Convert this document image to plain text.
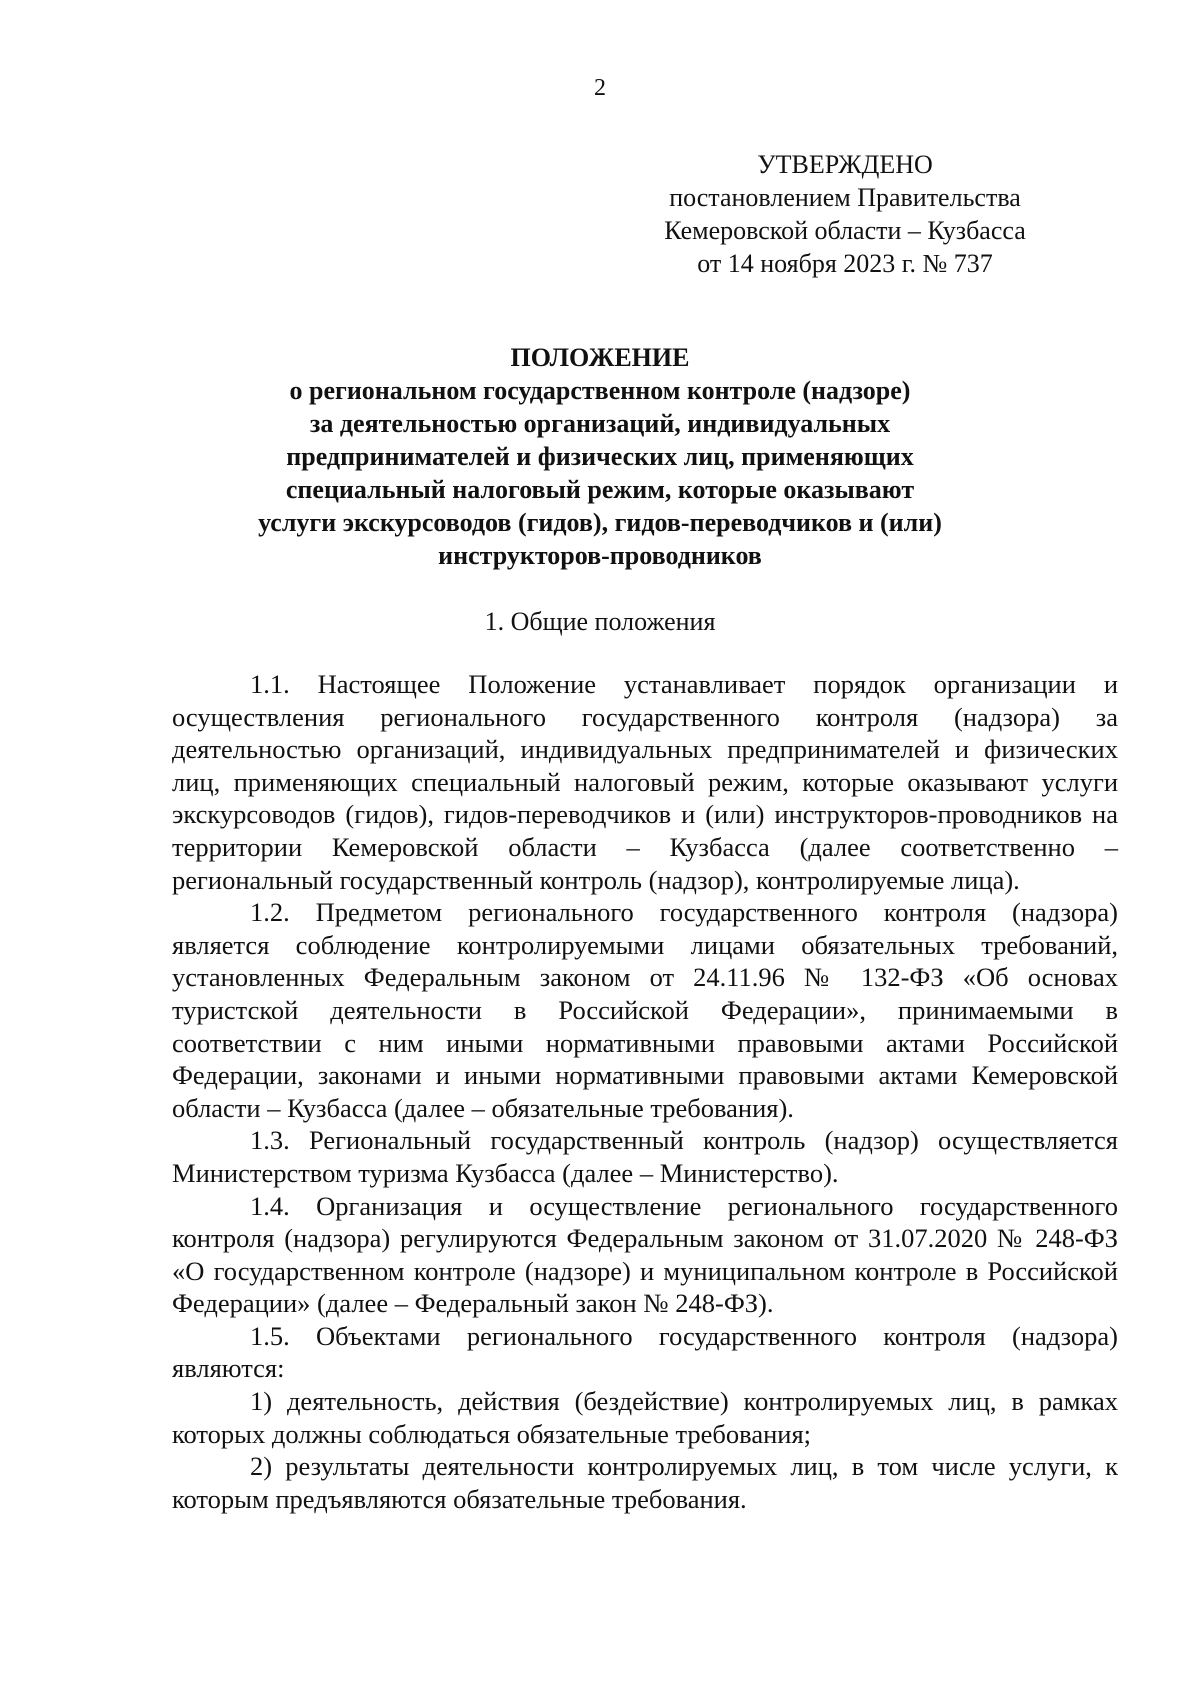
2
УТВЕРЖДЕНО
постановлением Правительства
Кемеровской области – Кузбасса
от 14 ноября 2023 г. № 737
ПОЛОЖЕНИЕ
о региональном государственном контроле (надзоре)
за деятельностью организаций, индивидуальных
предпринимателей и физических лиц, применяющих
специальный налоговый режим, которые оказывают
услуги экскурсоводов (гидов), гидов-переводчиков и (или)
инструкторов-проводников
1. Общие положения

1.1. Настоящее Положение устанавливает порядок организации и осуществления регионального государственного контроля (надзора) за деятельностью организаций, индивидуальных предпринимателей и физических лиц, применяющих специальный налоговый режим, которые оказывают услуги экскурсоводов (гидов), гидов-переводчиков и (или) инструкторов-проводников на территории Кемеровской области – Кузбасса (далее соответственно – региональный государственный контроль (надзор), контролируемые лица).

1.2. Предметом регионального государственного контроля (надзора) является соблюдение контролируемыми лицами обязательных требований, установленных Федеральным законом от 24.11.96 № 132-ФЗ «Об основах туристской деятельности в Российской Федерации», принимаемыми в соответствии с ним иными нормативными правовыми актами Российской Федерации, законами и иными нормативными правовыми актами Кемеровской области – Кузбасса (далее – обязательные требования).

1.3. Региональный государственный контроль (надзор) осуществляется Министерством туризма Кузбасса (далее – Министерство).

1.4. Организация и осуществление регионального государственного контроля (надзора) регулируются Федеральным законом от 31.07.2020 № 248-ФЗ «О государственном контроле (надзоре) и муниципальном контроле в Российской Федерации» (далее – Федеральный закон № 248-ФЗ).

1.5. Объектами регионального государственного контроля (надзора) являются:

1) деятельность, действия (бездействие) контролируемых лиц, в рамках которых должны соблюдаться обязательные требования;

2) результаты деятельности контролируемых лиц, в том числе услуги, к которым предъявляются обязательные требования.
